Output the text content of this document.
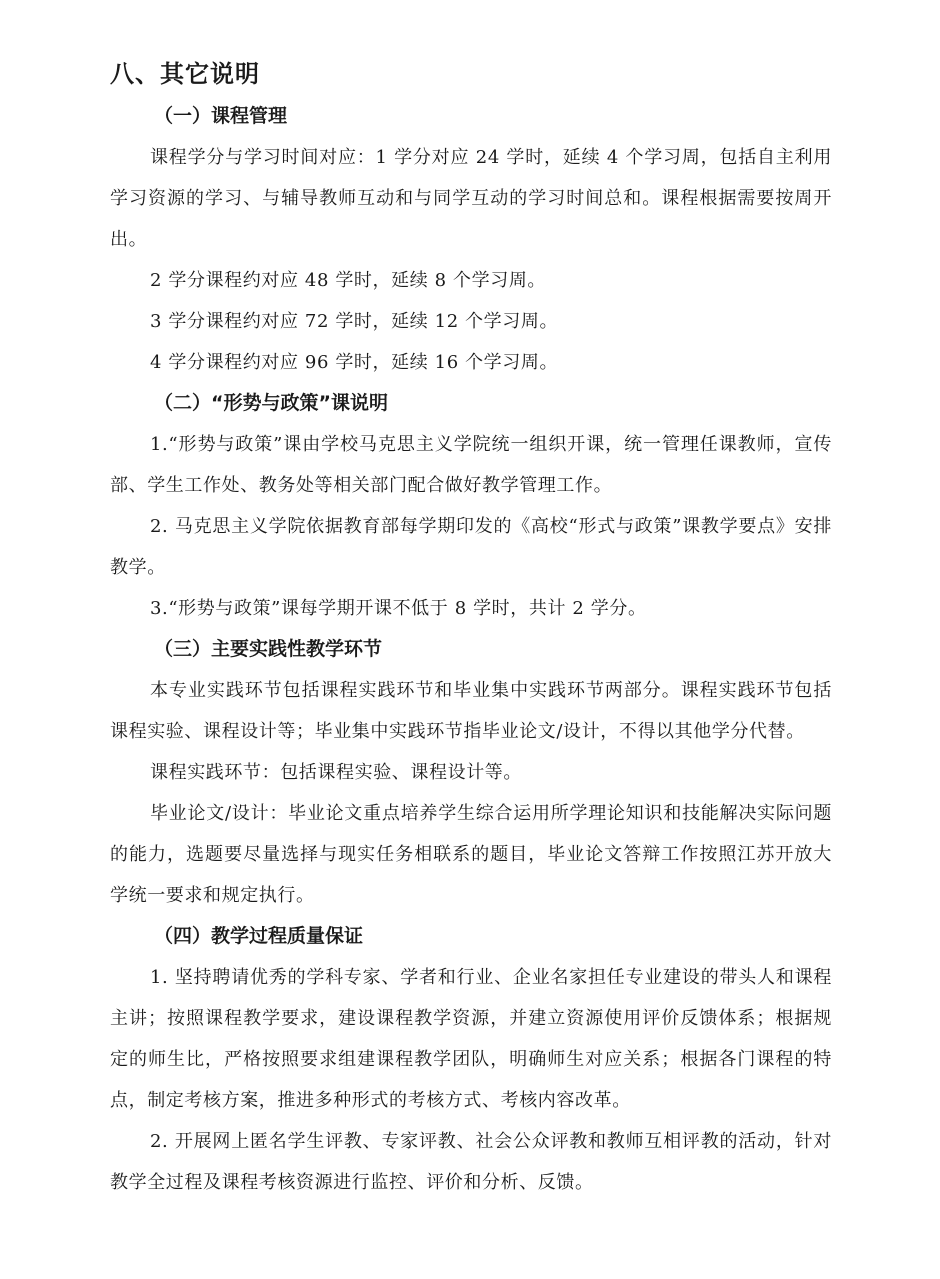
八、其它说明
（一）课程管理

课程学分与学习时间对应：1 学分对应 24 学时，延续 4 个学习周，包括自主利用学习资源的学习、与辅导教师互动和与同学互动的学习时间总和。课程根据需要按周开出。

2 学分课程约对应 48 学时，延续 8 个学习周。

3 学分课程约对应 72 学时，延续 12 个学习周。

4 学分课程约对应 96 学时，延续 16 个学习周。

（二）“形势与政策”课说明

1.“形势与政策”课由学校马克思主义学院统一组织开课，统一管理任课教师，宣传部、学生工作处、教务处等相关部门配合做好教学管理工作。

2. 马克思主义学院依据教育部每学期印发的《高校“形式与政策”课教学要点》安排教学。

3.“形势与政策”课每学期开课不低于 8 学时，共计 2 学分。

（三）主要实践性教学环节

本专业实践环节包括课程实践环节和毕业集中实践环节两部分。课程实践环节包括课程实验、课程设计等；毕业集中实践环节指毕业论文/设计，不得以其他学分代替。

课程实践环节：包括课程实验、课程设计等。

毕业论文/设计：毕业论文重点培养学生综合运用所学理论知识和技能解决实际问题的能力，选题要尽量选择与现实任务相联系的题目，毕业论文答辩工作按照江苏开放大学统一要求和规定执行。

（四）教学过程质量保证

1. 坚持聘请优秀的学科专家、学者和行业、企业名家担任专业建设的带头人和课程主讲；按照课程教学要求，建设课程教学资源，并建立资源使用评价反馈体系；根据规定的师生比，严格按照要求组建课程教学团队，明确师生对应关系；根据各门课程的特点，制定考核方案，推进多种形式的考核方式、考核内容改革。

2. 开展网上匿名学生评教、专家评教、社会公众评教和教师互相评教的活动，针对教学全过程及课程考核资源进行监控、评价和分析、反馈。
